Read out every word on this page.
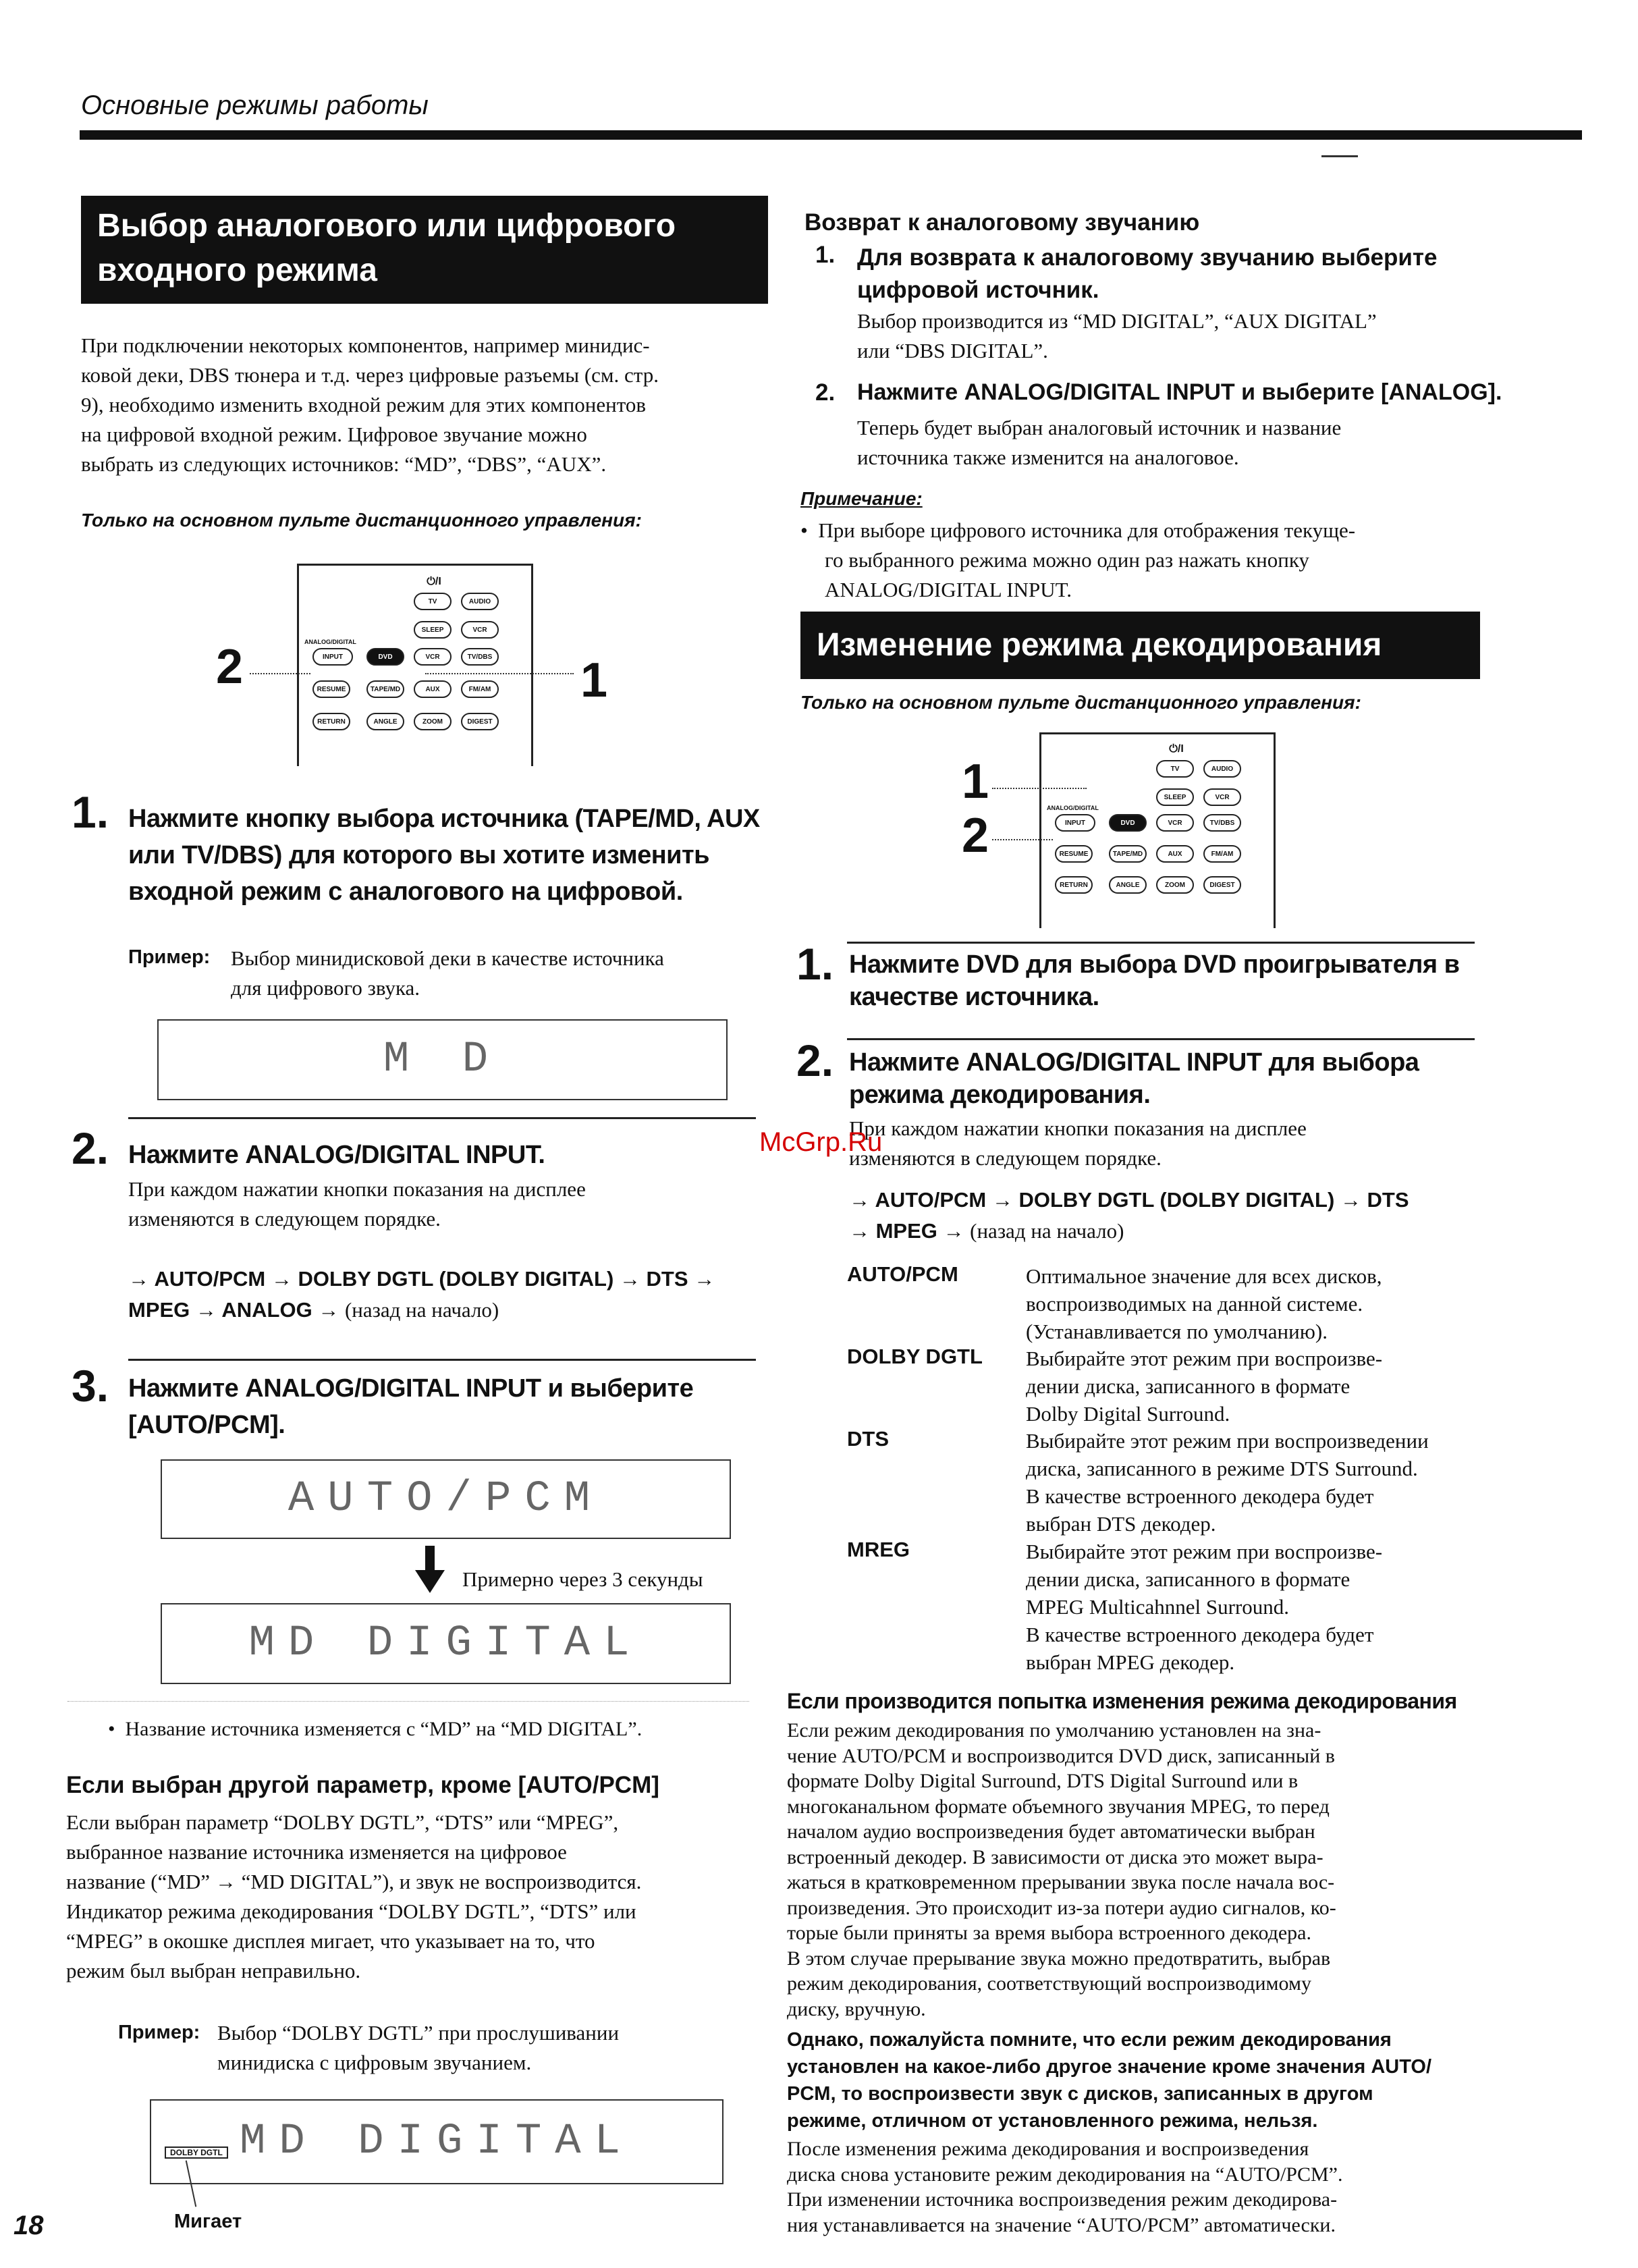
Основные режимы работы
Выбор аналогового или цифрового
входного режима
При подключении некоторых компонентов, например минидис-
ковой деки, DBS тюнера и т.д. через цифровые разъемы (см. стр.
9), необходимо изменить входной режим для этих компонентов
на цифровой входной режим. Цифровое звучание можно
выбрать из следующих источников: “MD”, “DBS”, “AUX”.
Только на основном пульте дистанционного управления:
⏻/I
TV	AUDIO
SLEEP	VCR
ANALOG/DIGITAL
INPUT	DVD	VCR	TV/DBS
RESUME	TAPE/MD	AUX	FM/AM
RETURN	ANGLE	ZOOM	DIGEST
2	1
1. Нажмите кнопку выбора источника (TAPE/MD, AUX
или TV/DBS) для которого вы хотите изменить
входной режим с аналогового на цифровой.
Пример: Выбор минидисковой деки в качестве источника
для цифрового звука.
M D
2. Нажмите ANALOG/DIGITAL INPUT.
При каждом нажатии кнопки показания на дисплее
изменяются в следующем порядке.
→ AUTO/PCM → DOLBY DGTL (DOLBY DIGITAL) → DTS →
MPEG → ANALOG → (назад на начало)
3. Нажмите ANALOG/DIGITAL INPUT и выберите
[AUTO/PCM].
AUTO/PCM
Примерно через 3 секунды
MD DIGITAL
•  Название источника изменяется с “MD” на “MD DIGITAL”.
Если выбран другой параметр, кроме [AUTO/PCM]
Если выбран параметр “DOLBY DGTL”, “DTS” или “MPEG”,
выбранное название источника изменяется на цифровое
название (“MD” → “MD DIGITAL”), и звук не воспроизводится.
Индикатор режима декодирования “DOLBY DGTL”, “DTS” или
“MPEG” в окошке дисплея мигает, что указывает на то, что
режим был выбран неправильно.
Пример: Выбор “DOLBY DGTL” при прослушивании
минидиска с цифровым звучанием.
DOLBY DGTL MD DIGITAL
Мигает
18
Возврат к аналоговому звучанию
1. Для возврата к аналоговому звучанию выберите
цифровой источник.
Выбор производится из “MD DIGITAL”, “AUX DIGITAL”
или “DBS DIGITAL”.
2. Нажмите ANALOG/DIGITAL INPUT и выберите [ANALOG].
Теперь будет выбран аналоговый источник и название
источника также изменится на аналоговое.
Примечание:
•  При выборе цифрового источника для отображения текуще-
го выбранного режима можно один раз нажать кнопку
ANALOG/DIGITAL INPUT.
Изменение режима декодирования
Только на основном пульте дистанционного управления:
⏻/I
TV	AUDIO
SLEEP	VCR
ANALOG/DIGITAL
INPUT	DVD	VCR	TV/DBS
RESUME	TAPE/MD	AUX	FM/AM
RETURN	ANGLE	ZOOM	DIGEST
1
2
1. Нажмите DVD для выбора DVD проигрывателя в
качестве источника.
2. Нажмите ANALOG/DIGITAL INPUT для выбора
режима декодирования.
При каждом нажатии кнопки показания на дисплее
изменяются в следующем порядке.
McGrp.Ru
→ AUTO/PCM → DOLBY DGTL (DOLBY DIGITAL) → DTS
→ MPEG → (назад на начало)
AUTO/PCM	Оптимальное значение для всех дисков,
воспроизводимых на данной системе.
(Устанавливается по умолчанию).
DOLBY DGTL Выбирайте этот режим при воспроизве-
дении диска, записанного в формате
Dolby Digital Surround.
DTS	Выбирайте этот режим при воспроизведении
диска, записанного в режиме DTS Surround.
В качестве встроенного декодера будет
выбран DTS декодер.
MREG	Выбирайте этот режим при воспроизве-
дении диска, записанного в формате
MPEG Multicahnnel Surround.
В качестве встроенного декодера будет
выбран MPEG декодер.
Если производится попытка изменения режима декодирования
Если режим декодирования по умолчанию установлен на зна-
чение AUTO/PCM и воспроизводится DVD диск, записанный в
формате Dolby Digital Surround, DTS Digital Surround или в
многоканальном формате объемного звучания MPEG, то перед
началом аудио воспроизведения будет автоматически выбран
встроенный декодер. В зависимости от диска это может выра-
жаться в кратковременном прерывании звука после начала вос-
произведения. Это происходит из-за потери аудио сигналов, ко-
торые были приняты за время выбора встроенного декодера.
В этом случае прерывание звука можно предотвратить, выбрав
режим декодирования, соответствующий воспроизводимому
диску, вручную.
Однако, пожалуйста помните, что если режим декодирования
установлен на какое-либо другое значение кроме значения AUTO/
PCM, то воспроизвести звук с дисков, записанных в другом
режиме, отличном от установленного режима, нельзя.
После изменения режима декодирования и воспроизведения
диска снова установите режим декодирования на “AUTO/PCM”.
При изменении источника воспроизведения режим декодирова-
ния устанавливается на значение “AUTO/PCM” автоматически.
